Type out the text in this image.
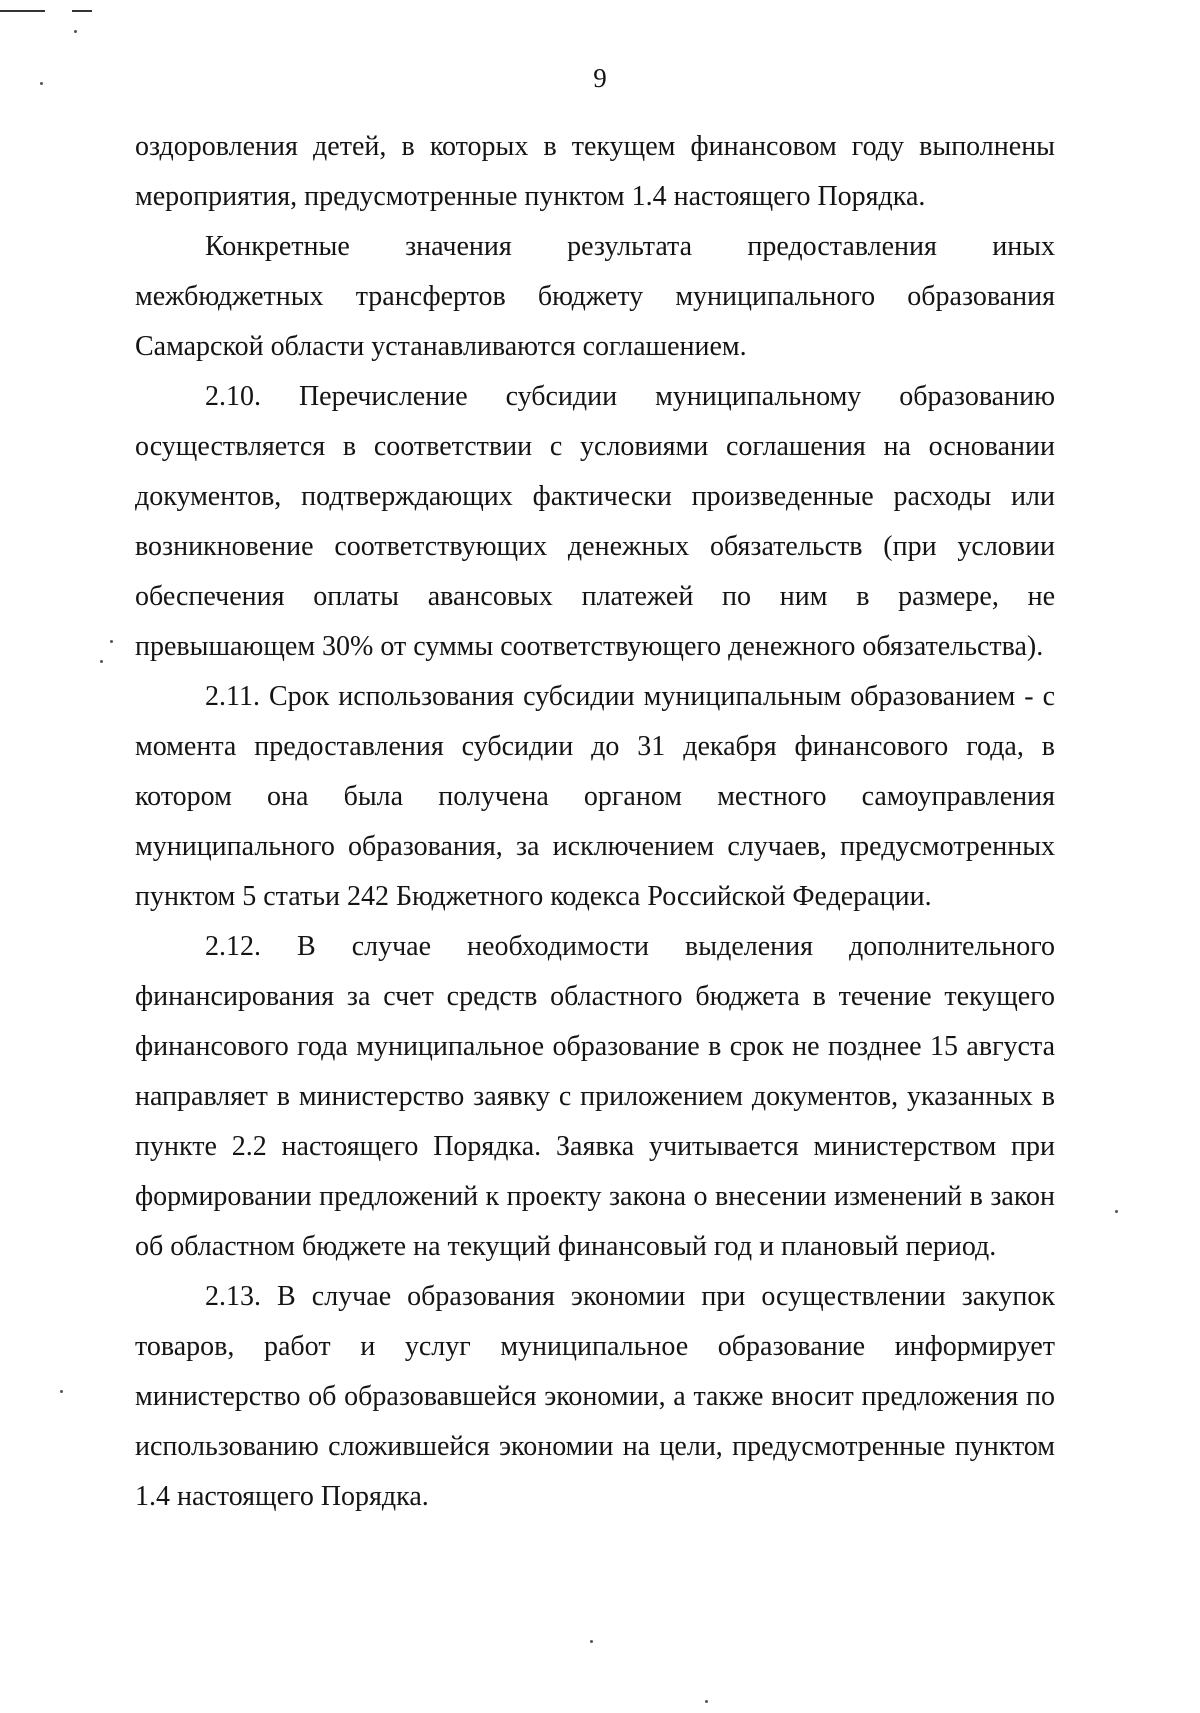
9

оздоровления детей, в которых в текущем финансовом году выполнены мероприятия, предусмотренные пунктом 1.4 настоящего Порядка.

Конкретные значения результата предоставления иных межбюджетных трансфертов бюджету муниципального образования Самарской области устанавливаются соглашением.

2.10. Перечисление субсидии муниципальному образованию осуществляется в соответствии с условиями соглашения на основании документов, подтверждающих фактически произведенные расходы или возникновение соответствующих денежных обязательств (при условии обеспечения оплаты авансовых платежей по ним в размере, не превышающем 30% от суммы соответствующего денежного обязательства).

2.11. Срок использования субсидии муниципальным образованием - с момента предоставления субсидии до 31 декабря финансового года, в котором она была получена органом местного самоуправления муниципального образования, за исключением случаев, предусмотренных пунктом 5 статьи 242 Бюджетного кодекса Российской Федерации.

2.12. В случае необходимости выделения дополнительного финансирования за счет средств областного бюджета в течение текущего финансового года муниципальное образование в срок не позднее 15 августа направляет в министерство заявку с приложением документов, указанных в пункте 2.2 настоящего Порядка. Заявка учитывается министерством при формировании предложений к проекту закона о внесении изменений в закон об областном бюджете на текущий финансовый год и плановый период.

2.13. В случае образования экономии при осуществлении закупок товаров, работ и услуг муниципальное образование информирует министерство об образовавшейся экономии, а также вносит предложения по использованию сложившейся экономии на цели, предусмотренные пунктом 1.4 настоящего Порядка.
